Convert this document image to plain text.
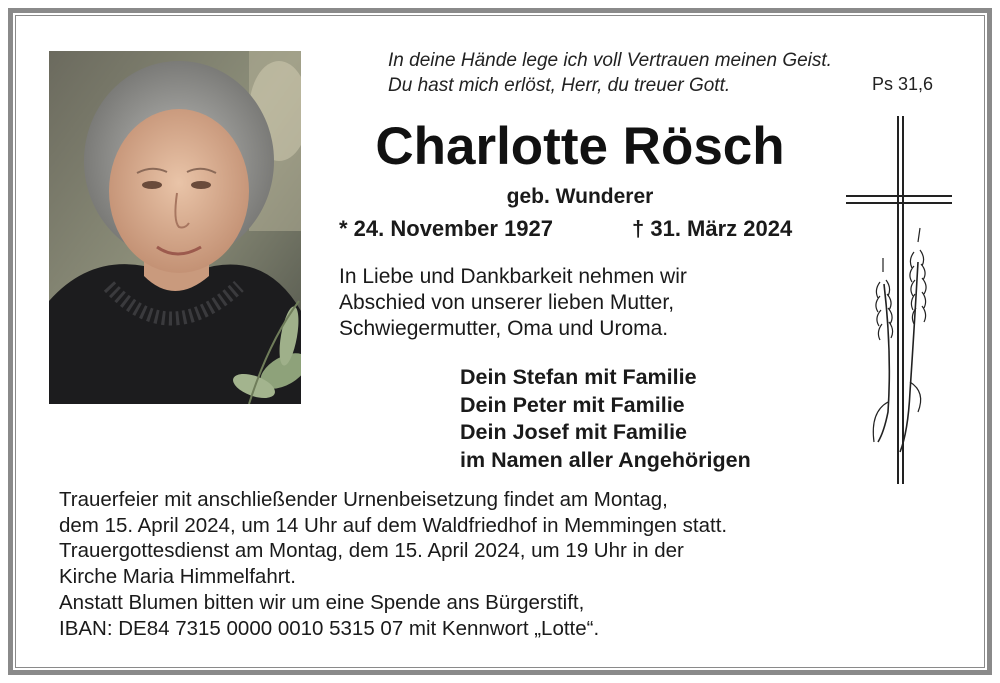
In deine Hände lege ich voll Vertrauen meinen Geist.
Du hast mich erlöst, Herr, du treuer Gott.	Ps 31,6
Charlotte Rösch
geb. Wunderer
* 24. November 1927	† 31. März 2024
In Liebe und Dankbarkeit nehmen wir
Abschied von unserer lieben Mutter,
Schwiegermutter, Oma und Uroma.
Dein Stefan mit Familie
Dein Peter mit Familie
Dein Josef mit Familie
im Namen aller Angehörigen
Trauerfeier mit anschließender Urnenbeisetzung findet am Montag,
dem 15. April 2024, um 14 Uhr auf dem Waldfriedhof in Memmingen statt.
Trauergottesdienst am Montag, dem 15. April 2024, um 19 Uhr in der
Kirche Maria Himmelfahrt.
Anstatt Blumen bitten wir um eine Spende ans Bürgerstift,
IBAN: DE84 7315 0000 0010 5315 07 mit Kennwort „Lotte“.
